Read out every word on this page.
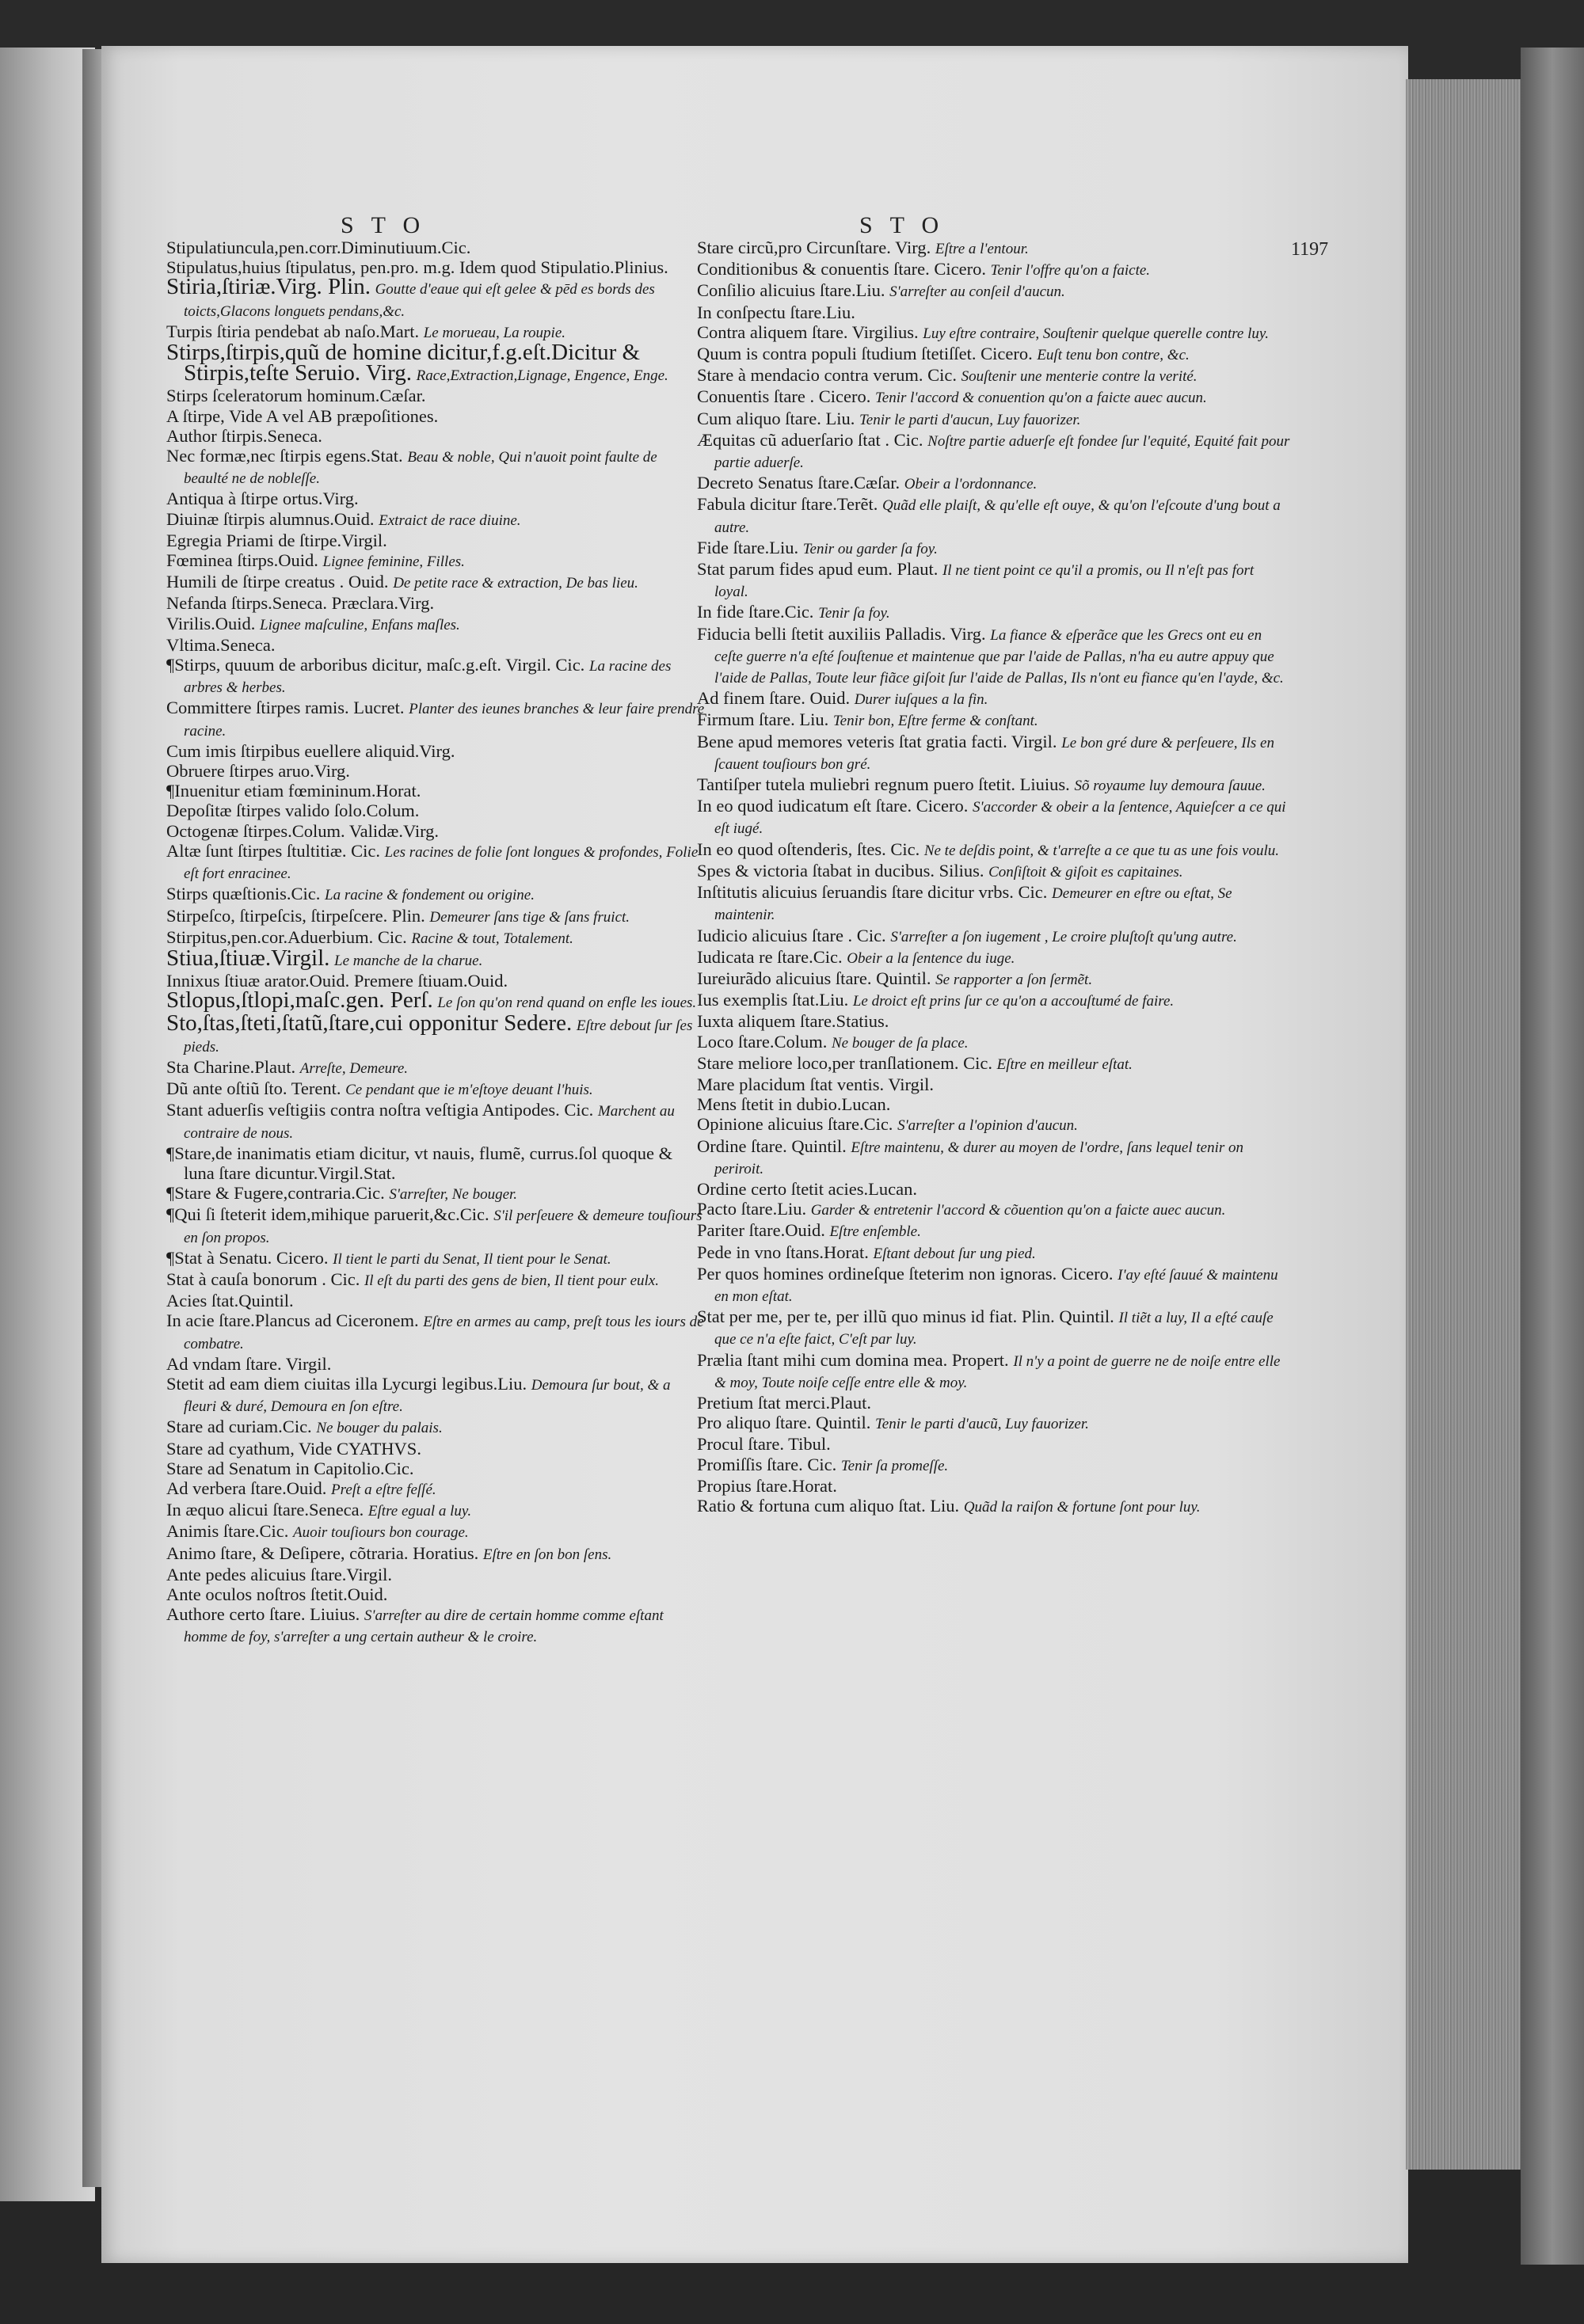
STO	STO
1197

Stipulatiuncula,pen.corr.Diminutiuum.Cic.

Stipulatus,huius ſtipulatus, pen.pro. m.g. Idem quod Stipulatio.Plinius.

Stiria,ſtiriæ.Virg. Plin. Goutte d'eaue qui eſt gelee & pēd es bords des toicts,Glacons longuets pendans,&c.

Turpis ſtiria pendebat ab naſo.Mart. Le morueau, La roupie.

Stirps,ſtirpis,quũ de homine dicitur,f.g.eſt.Dicitur & Stirpis,teſte Seruio. Virg. Race,Extraction,Lignage, Engence, Enge.

Stirps ſceleratorum hominum.Cæſar.

A ſtirpe, Vide A vel AB præpoſitiones.

Author ſtirpis.Seneca.

Nec formæ,nec ſtirpis egens.Stat. Beau & noble, Qui n'auoit point faulte de beaulté ne de nobleſſe.

Antiqua à ſtirpe ortus.Virg.

Diuinæ ſtirpis alumnus.Ouid. Extraict de race diuine.

Egregia Priami de ſtirpe.Virgil.

Fœminea ſtirps.Ouid. Lignee feminine, Filles.

Humili de ſtirpe creatus . Ouid. De petite race & extraction, De bas lieu.

Nefanda ſtirps.Seneca. Præclara.Virg.

Virilis.Ouid. Lignee maſculine, Enfans maſles.

Vltima.Seneca.

¶Stirps, quuum de arboribus dicitur, maſc.g.eſt. Virgil. Cic. La racine des arbres & herbes.

Committere ſtirpes ramis. Lucret. Planter des ieunes branches & leur faire prendre racine.

Cum imis ſtirpibus euellere aliquid.Virg.

Obruere ſtirpes aruo.Virg.

¶Inuenitur etiam fœmininum.Horat.

Depoſitæ ſtirpes valido ſolo.Colum.

Octogenæ ſtirpes.Colum. Validæ.Virg.

Altæ ſunt ſtirpes ſtultitiæ. Cic. Les racines de folie ſont longues & profondes, Folie eſt fort enracinee.

Stirps quæſtionis.Cic. La racine & fondement ou origine.

Stirpeſco, ſtirpeſcis, ſtirpeſcere. Plin. Demeurer ſans tige & ſans fruict.

Stirpitus,pen.cor.Aduerbium. Cic. Racine & tout, Totalement.

Stiua,ſtiuæ.Virgil. Le manche de la charue.

Innixus ſtiuæ arator.Ouid. Premere ſtiuam.Ouid.

Stlopus,ſtlopi,maſc.gen. Perſ. Le ſon qu'on rend quand on enfle les ioues.

Sto,ſtas,ſteti,ſtatũ,ſtare,cui opponitur Sedere. Eſtre debout ſur ſes pieds.

Sta Charine.Plaut. Arreſte, Demeure.

Dũ ante oſtiũ ſto. Terent. Ce pendant que ie m'eſtoye deuant l'huis.

Stant aduerſis veſtigiis contra noſtra veſtigia Antipodes. Cic. Marchent au contraire de nous.

¶Stare,de inanimatis etiam dicitur, vt nauis, flumẽ, currus.ſol quoque & luna ſtare dicuntur.Virgil.Stat.

¶Stare & Fugere,contraria.Cic. S'arreſter, Ne bouger.

¶Qui ſi ſteterit idem,mihique paruerit,&c.Cic. S'il perſeuere & demeure touſiours en ſon propos.

¶Stat à Senatu. Cicero. Il tient le parti du Senat, Il tient pour le Senat.

Stat à cauſa bonorum . Cic. Il eſt du parti des gens de bien, Il tient pour eulx.

Acies ſtat.Quintil.

In acie ſtare.Plancus ad Ciceronem. Eſtre en armes au camp, preſt tous les iours de combatre.

Ad vndam ſtare. Virgil.

Stetit ad eam diem ciuitas illa Lycurgi legibus.Liu. Demoura ſur bout, & a fleuri & duré, Demoura en ſon eſtre.

Stare ad curiam.Cic. Ne bouger du palais.

Stare ad cyathum, Vide CYATHVS.

Stare ad Senatum in Capitolio.Cic.

Ad verbera ſtare.Ouid. Preſt a eſtre feſſé.

In æquo alicui ſtare.Seneca. Eſtre egual a luy.

Animis ſtare.Cic. Auoir touſiours bon courage.

Animo ſtare, & Deſipere, cõtraria. Horatius. Eſtre en ſon bon ſens.

Ante pedes alicuius ſtare.Virgil.

Ante oculos noſtros ſtetit.Ouid.

Authore certo ſtare. Liuius. S'arreſter au dire de certain homme comme eſtant homme de foy, s'arreſter a ung certain autheur & le croire.

Stare circũ,pro Circunſtare. Virg. Eſtre a l'entour.

Conditionibus & conuentis ſtare. Cicero. Tenir l'offre qu'on a faicte.

Conſilio alicuius ſtare.Liu. S'arreſter au conſeil d'aucun.

In conſpectu ſtare.Liu.

Contra aliquem ſtare. Virgilius. Luy eſtre contraire, Souſtenir quelque querelle contre luy.

Quum is contra populi ſtudium ſtetiſſet. Cicero. Euſt tenu bon contre, &c.

Stare à mendacio contra verum. Cic. Souſtenir une menterie contre la verité.

Conuentis ſtare . Cicero. Tenir l'accord & conuention qu'on a faicte auec aucun.

Cum aliquo ſtare. Liu. Tenir le parti d'aucun, Luy fauorizer.

Æquitas cũ aduerſario ſtat . Cic. Noſtre partie aduerſe eſt fondee ſur l'equité, Equité fait pour partie aduerſe.

Decreto Senatus ſtare.Cæſar. Obeir a l'ordonnance.

Fabula dicitur ſtare.Terẽt. Quãd elle plaiſt, & qu'elle eſt ouye, & qu'on l'eſcoute d'ung bout a autre.

Fide ſtare.Liu. Tenir ou garder ſa foy.

Stat parum fides apud eum. Plaut. Il ne tient point ce qu'il a promis, ou Il n'eſt pas fort loyal.

In fide ſtare.Cic. Tenir ſa foy.

Fiducia belli ſtetit auxiliis Palladis. Virg. La fiance & eſperãce que les Grecs ont eu en ceſte guerre n'a eſté ſouſtenue et maintenue que par l'aide de Pallas, n'ha eu autre appuy que l'aide de Pallas, Toute leur fiãce giſoit ſur l'aide de Pallas, Ils n'ont eu fiance qu'en l'ayde, &c.

Ad finem ſtare. Ouid. Durer iuſques a la fin.

Firmum ſtare. Liu. Tenir bon, Eſtre ferme & conſtant.

Bene apud memores veteris ſtat gratia facti. Virgil. Le bon gré dure & perſeuere, Ils en ſcauent touſiours bon gré.

Tantiſper tutela muliebri regnum puero ſtetit. Liuius. Sõ royaume luy demoura ſauue.

In eo quod iudicatum eſt ſtare. Cicero. S'accorder & obeir a la ſentence, Aquieſcer a ce qui eſt iugé.

In eo quod oſtenderis, ſtes. Cic. Ne te deſdis point, & t'arreſte a ce que tu as une fois voulu.

Spes & victoria ſtabat in ducibus. Silius. Conſiſtoit & giſoit es capitaines.

Inſtitutis alicuius ſeruandis ſtare dicitur vrbs. Cic. Demeurer en eſtre ou eſtat, Se maintenir.

Iudicio alicuius ſtare . Cic. S'arreſter a ſon iugement , Le croire pluſtoſt qu'ung autre.

Iudicata re ſtare.Cic. Obeir a la ſentence du iuge.

Iureiurãdo alicuius ſtare. Quintil. Se rapporter a ſon ſermẽt.

Ius exemplis ſtat.Liu. Le droict eſt prins ſur ce qu'on a accouſtumé de faire.

Iuxta aliquem ſtare.Statius.

Loco ſtare.Colum. Ne bouger de ſa place.

Stare meliore loco,per tranſlationem. Cic. Eſtre en meilleur eſtat.

Mare placidum ſtat ventis. Virgil.

Mens ſtetit in dubio.Lucan.

Opinione alicuius ſtare.Cic. S'arreſter a l'opinion d'aucun.

Ordine ſtare. Quintil. Eſtre maintenu, & durer au moyen de l'ordre, ſans lequel tenir on periroit.

Ordine certo ſtetit acies.Lucan.

Pacto ſtare.Liu. Garder & entretenir l'accord & cõuention qu'on a faicte auec aucun.

Pariter ſtare.Ouid. Eſtre enſemble.

Pede in vno ſtans.Horat. Eſtant debout ſur ung pied.

Per quos homines ordineſque ſteterim non ignoras. Cicero. I'ay eſté ſauué & maintenu en mon eſtat.

Stat per me, per te, per illũ quo minus id fiat. Plin. Quintil. Il tiẽt a luy, Il a eſté cauſe que ce n'a eſte faict, C'eſt par luy.

Prælia ſtant mihi cum domina mea. Propert. Il n'y a point de guerre ne de noiſe entre elle & moy, Toute noiſe ceſſe entre elle & moy.

Pretium ſtat merci.Plaut.

Pro aliquo ſtare. Quintil. Tenir le parti d'aucũ, Luy fauorizer.

Procul ſtare. Tibul.

Promiſſis ſtare. Cic. Tenir ſa promeſſe.

Propius ſtare.Horat.

Ratio & fortuna cum aliquo ſtat. Liu. Quãd la raiſon & fortune ſont pour luy.
